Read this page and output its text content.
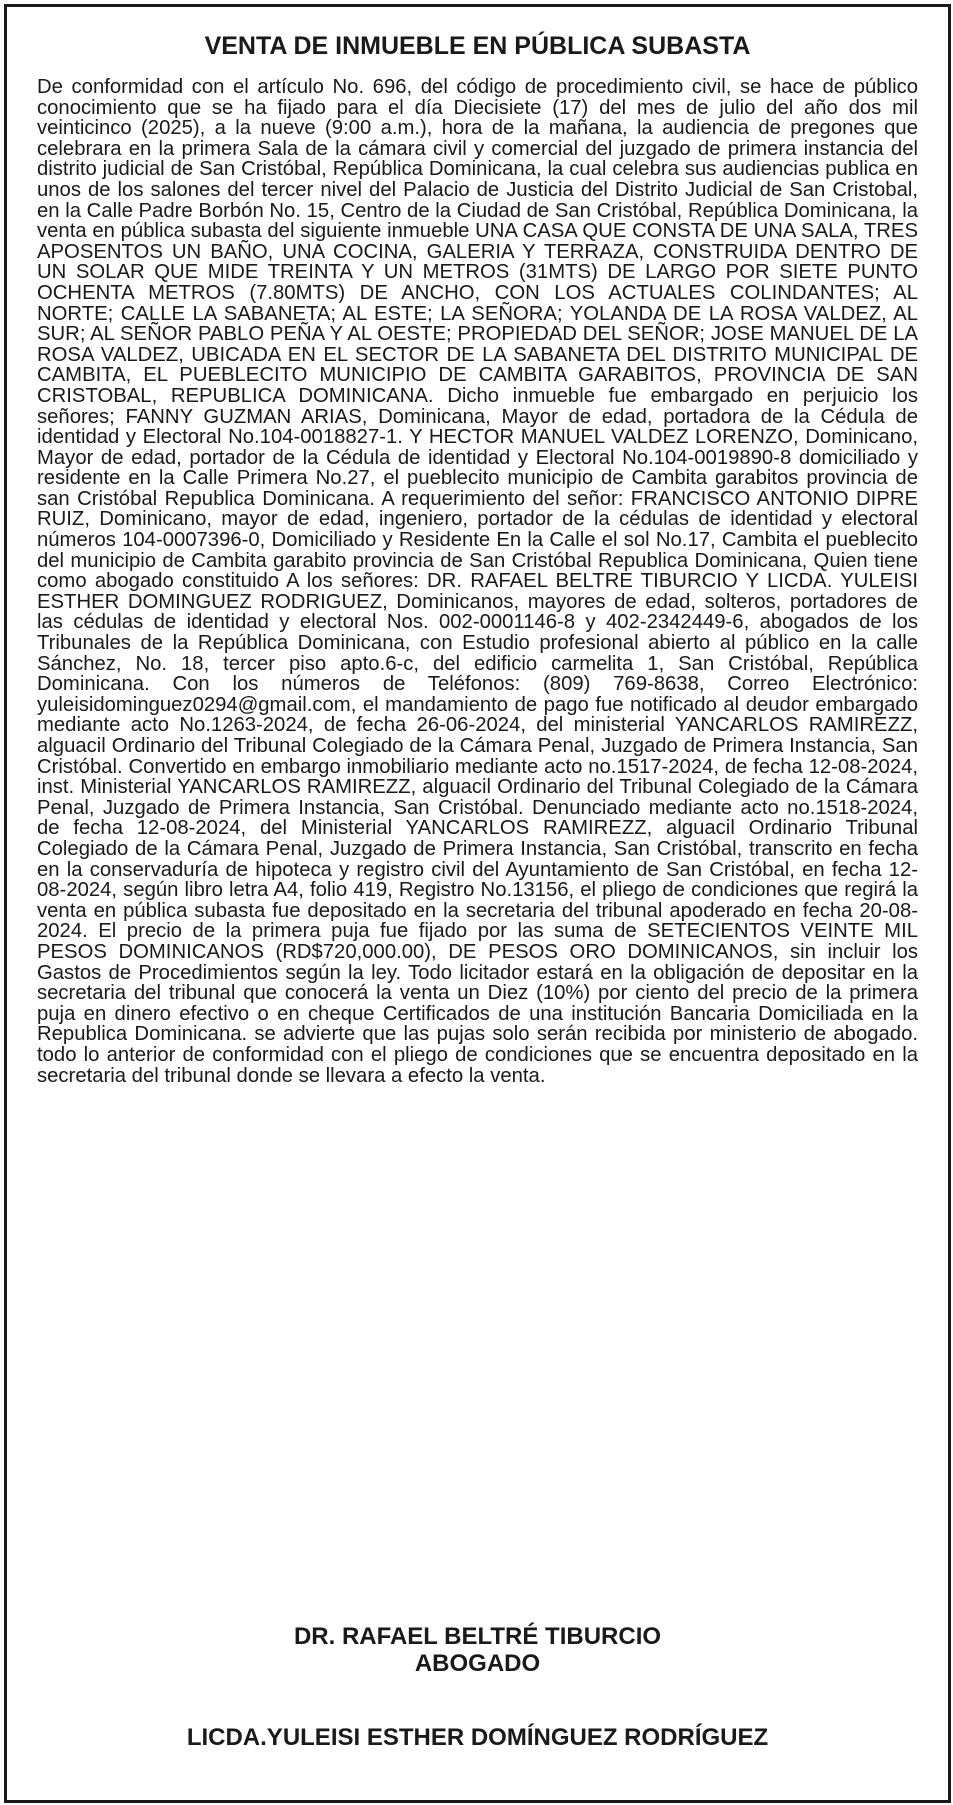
VENTA DE INMUEBLE EN PÚBLICA SUBASTA

De conformidad con el artículo No. 696, del código de procedimiento civil, se hace de público conocimiento que se ha fijado para el día Diecisiete (17) del mes de julio del año dos mil veinticinco (2025), a la nueve (9:00 a.m.), hora de la mañana, la audiencia de pregones que celebrara en la primera Sala de la cámara civil y comercial del juzgado de primera instancia del distrito judicial de San Cristóbal, República Dominicana, la cual celebra sus audiencias publica en unos de los salones del tercer nivel del Palacio de Justicia del Distrito Judicial de San Cristobal, en la Calle Padre Borbón No. 15, Centro de la Ciudad de San Cristóbal, República Dominicana, la venta en pública subasta del siguiente inmueble UNA CASA QUE CONSTA DE UNA SALA, TRES APOSENTOS UN BAÑO, UNA COCINA, GALERIA Y TERRAZA, CONSTRUIDA DENTRO DE UN SOLAR QUE MIDE TREINTA Y UN METROS (31MTS) DE LARGO POR SIETE PUNTO OCHENTA METROS (7.80MTS) DE ANCHO, CON LOS ACTUALES COLINDANTES; AL NORTE; CALLE LA SABANETA; AL ESTE; LA SEÑORA; YOLANDA DE LA ROSA VALDEZ, AL SUR; AL SEÑOR PABLO PEÑA Y AL OESTE; PROPIEDAD DEL SEÑOR; JOSE MANUEL DE LA ROSA VALDEZ, UBICADA EN EL SECTOR DE LA SABANETA DEL DISTRITO MUNICIPAL DE CAMBITA, EL PUEBLECITO MUNICIPIO DE CAMBITA GARABITOS, PROVINCIA DE SAN CRISTOBAL, REPUBLICA DOMINICANA. Dicho inmueble fue embargado en perjuicio los señores; FANNY GUZMAN ARIAS, Dominicana, Mayor de edad, portadora de la Cédula de identidad y Electoral No.104-0018827-1. Y HECTOR MANUEL VALDEZ LORENZO, Dominicano, Mayor de edad, portador de la Cédula de identidad y Electoral No.104-0019890-8 domiciliado y residente en la Calle Primera No.27, el pueblecito municipio de Cambita garabitos provincia de san Cristóbal Republica Dominicana. A requerimiento del señor: FRANCISCO ANTONIO DIPRE RUIZ, Dominicano, mayor de edad, ingeniero, portador de la cédulas de identidad y electoral números 104-0007396-0, Domiciliado y Residente En la Calle el sol No.17, Cambita el pueblecito del municipio de Cambita garabito provincia de San Cristóbal Republica Dominicana, Quien tiene como abogado constituido A los señores: DR. RAFAEL BELTRE TIBURCIO Y LICDA. YULEISI ESTHER DOMINGUEZ RODRIGUEZ, Dominicanos, mayores de edad, solteros, portadores de las cédulas de identidad y electoral Nos. 002-0001146-8 y 402-2342449-6, abogados de los Tribunales de la República Dominicana, con Estudio profesional abierto al público en la calle Sánchez, No. 18, tercer piso apto.6-c, del edificio carmelita 1, San Cristóbal, República Dominicana. Con los números de Teléfonos: (809) 769-8638, Correo Electrónico: yuleisidominguez0294@gmail.com, el mandamiento de pago fue notificado al deudor embargado mediante acto No.1263-2024, de fecha 26-06-2024, del ministerial YANCARLOS RAMIREZZ, alguacil Ordinario del Tribunal Colegiado de la Cámara Penal, Juzgado de Primera Instancia, San Cristóbal. Convertido en embargo inmobiliario mediante acto no.1517-2024, de fecha 12-08-2024, inst. Ministerial YANCARLOS RAMIREZZ, alguacil Ordinario del Tribunal Colegiado de la Cámara Penal, Juzgado de Primera Instancia, San Cristóbal. Denunciado mediante acto no.1518-2024, de fecha 12-08-2024, del Ministerial YANCARLOS RAMIREZZ, alguacil Ordinario Tribunal Colegiado de la Cámara Penal, Juzgado de Primera Instancia, San Cristóbal, transcrito en fecha en la conservaduría de hipoteca y registro civil del Ayuntamiento de San Cristóbal, en fecha 12-08-2024, según libro letra A4, folio 419, Registro No.13156, el pliego de condiciones que regirá la venta en pública subasta fue depositado en la secretaria del tribunal apoderado en fecha 20-08-2024. El precio de la primera puja fue fijado por las suma de SETECIENTOS VEINTE MIL PESOS DOMINICANOS (RD$720,000.00), DE PESOS ORO DOMINICANOS, sin incluir los Gastos de Procedimientos según la ley. Todo licitador estará en la obligación de depositar en la secretaria del tribunal que conocerá la venta un Diez (10%) por ciento del precio de la primera puja en dinero efectivo o en cheque Certificados de una institución Bancaria Domiciliada en la Republica Dominicana. se advierte que las pujas solo serán recibida por ministerio de abogado. todo lo anterior de conformidad con el pliego de condiciones que se encuentra depositado en la secretaria del tribunal donde se llevara a efecto la venta.

DR. RAFAEL BELTRÉ TIBURCIO
ABOGADO
LICDA.YULEISI ESTHER DOMÍNGUEZ RODRÍGUEZ
